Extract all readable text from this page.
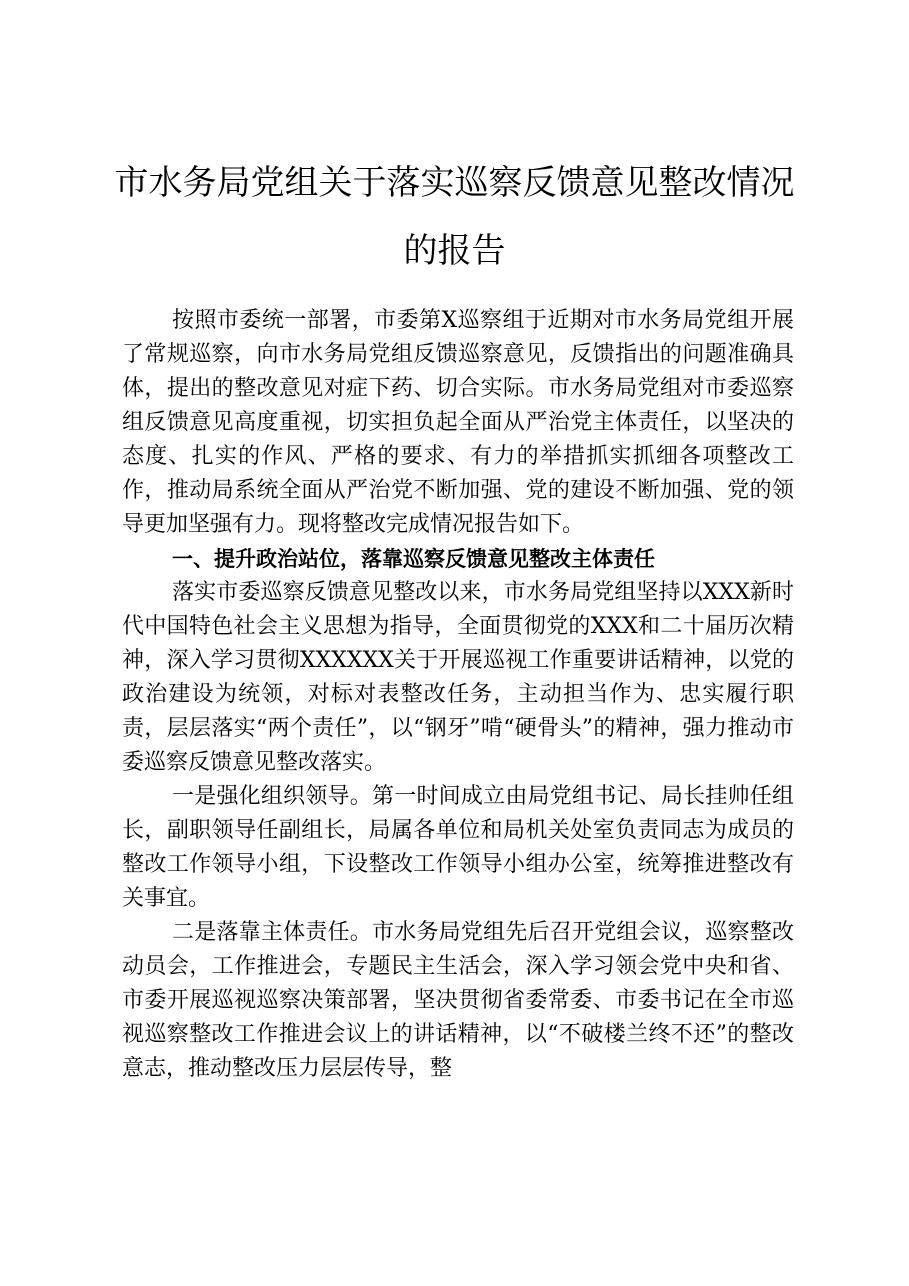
市水务局党组关于落实巡察反馈意见整改情况
的报告

按照市委统一部署，市委第X巡察组于近期对市水务局党组开展了常规巡察，向市水务局党组反馈巡察意见，反馈指出的问题准确具体，提出的整改意见对症下药、切合实际。市水务局党组对市委巡察组反馈意见高度重视，切实担负起全面从严治党主体责任，以坚决的态度、扎实的作风、严格的要求、有力的举措抓实抓细各项整改工作，推动局系统全面从严治党不断加强、党的建设不断加强、党的领导更加坚强有力。现将整改完成情况报告如下。

一、提升政治站位，落靠巡察反馈意见整改主体责任

落实市委巡察反馈意见整改以来，市水务局党组坚持以XXX新时代中国特色社会主义思想为指导，全面贯彻党的XXX和二十届历次精神，深入学习贯彻XXXXXX关于开展巡视工作重要讲话精神，以党的政治建设为统领，对标对表整改任务，主动担当作为、忠实履行职责，层层落实“两个责任”，以“钢牙”啃“硬骨头”的精神，强力推动市委巡察反馈意见整改落实。

一是强化组织领导。第一时间成立由局党组书记、局长挂帅任组长，副职领导任副组长，局属各单位和局机关处室负责同志为成员的整改工作领导小组，下设整改工作领导小组办公室，统筹推进整改有关事宜。

二是落靠主体责任。市水务局党组先后召开党组会议，巡察整改动员会，工作推进会，专题民主生活会，深入学习领会党中央和省、市委开展巡视巡察决策部署，坚决贯彻省委常委、市委书记在全市巡视巡察整改工作推进会议上的讲话精神，以“不破楼兰终不还”的整改意志，推动整改压力层层传导，整
